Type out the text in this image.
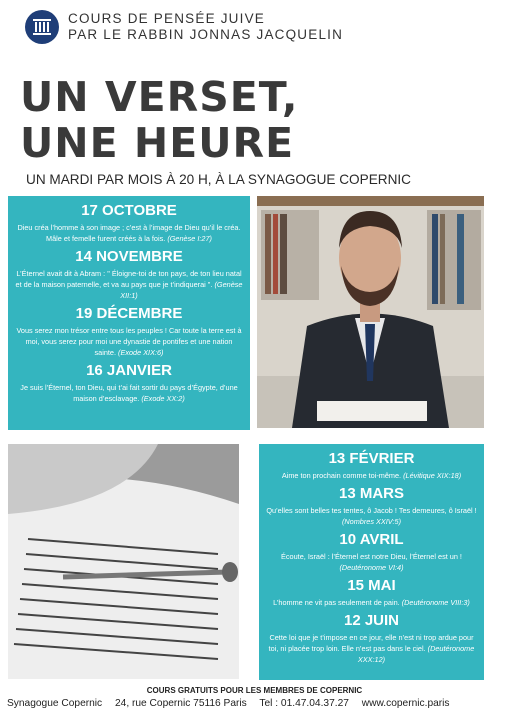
COURS DE PENSÉE JUIVE
PAR LE RABBIN JONNAS JACQUELIN
UN VERSET,
UNE HEURE
UN MARDI PAR MOIS À 20 H, À LA SYNAGOGUE COPERNIC
17 OCTOBRE
Dieu créa l’homme à son image ; c’est à l’image de Dieu qu’il le créa. Mâle et femelle furent créés à la fois. (Genèse I:27)
14 NOVEMBRE
L’Éternel avait dit à Abram : " Éloigne-toi de ton pays, de ton lieu natal et de la maison paternelle, et va au pays que je t’indiquerai ". (Genèse XII:1)
19 DÉCEMBRE
Vous serez mon trésor entre tous les peuples ! Car toute la terre est à moi, vous serez pour moi une dynastie de pontifes et une nation sainte. (Exode XIX:6)
16 JANVIER
Je suis l’Éternel, ton Dieu, qui t’ai fait sortir du pays d’Égypte, d’une maison d’esclavage. (Exode XX:2)
13 FÉVRIER
Aime ton prochain comme toi-même. (Lévitique XIX:18)
13 MARS
Qu’elles sont belles tes tentes, ô Jacob ! Tes demeures, ô Israël ! (Nombres XXIV:5)
10 AVRIL
Écoute, Israël : l’Éternel est notre Dieu, l’Éternel est un ! (Deutéronome VI:4)
15 MAI
L’homme ne vit pas seulement de pain. (Deutéronome VIII:3)
12 JUIN
Cette loi que je t’impose en ce jour, elle n’est ni trop ardue pour toi, ni placée trop loin. Elle n’est pas dans le ciel. (Deutéronome XXX:12)
COURS GRATUITS POUR LES MEMBRES DE COPERNIC
Synagogue Copernic 24, rue Copernic 75116 Paris Tel : 01.47.04.37.27 www.copernic.paris
